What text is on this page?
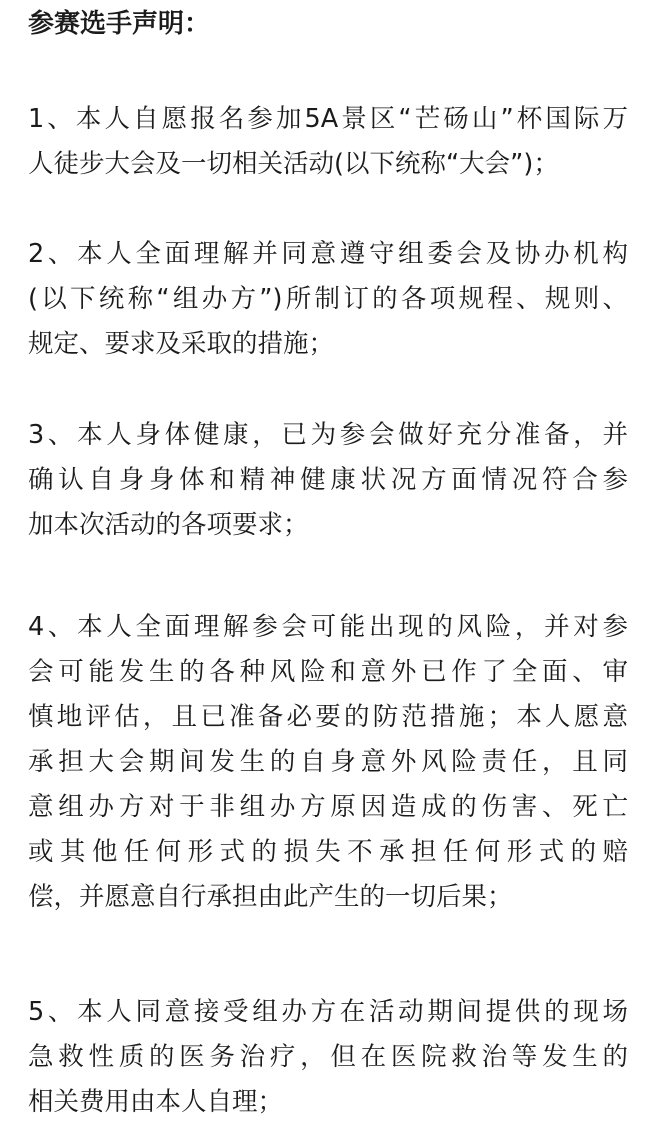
参赛选手声明：

1、本人自愿报名参加5A景区“芒砀山”杯国际万
人徒步大会及一切相关活动(以下统称“大会”)；

2、本人全面理解并同意遵守组委会及协办机构
(以下统称“组办方”)所制订的各项规程、规则、
规定、要求及采取的措施；

3、本人身体健康，已为参会做好充分准备，并
确认自身身体和精神健康状况方面情况符合参
加本次活动的各项要求；

4、本人全面理解参会可能出现的风险，并对参
会可能发生的各种风险和意外已作了全面、审
慎地评估，且已准备必要的防范措施；本人愿意
承担大会期间发生的自身意外风险责任，且同
意组办方对于非组办方原因造成的伤害、死亡
或其他任何形式的损失不承担任何形式的赔
偿，并愿意自行承担由此产生的一切后果；

5、本人同意接受组办方在活动期间提供的现场
急救性质的医务治疗，但在医院救治等发生的
相关费用由本人自理；
